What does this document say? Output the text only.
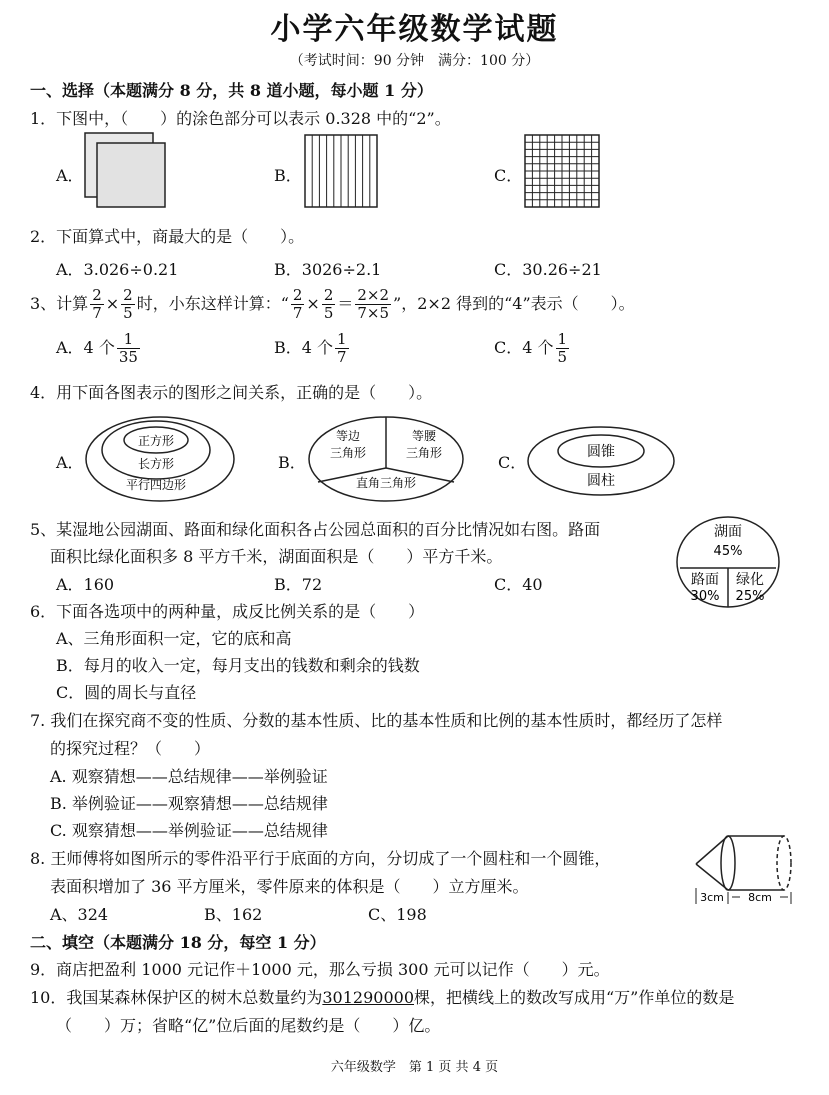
小学六年级数学试题
（考试时间：90 分钟　满分：100 分）
一、选择（本题满分 8 分，共 8 道小题，每小题 1 分）
1．下图中，（　　）的涂色部分可以表示 0.328 中的“2”。
A．	B．	C．
2．下面算式中，商最大的是（　　）。
A．3.026÷0.21	B．3026÷2.1	C．30.26÷21
3、计算 $\frac{2}{7} \times \frac{2}{5}$ 时，小东这样计算：“ $\frac{2}{7} \times \frac{2}{5} = \frac{2\times 2}{7\times 5}$ ”，2×2 得到的“4”表示（　　）。
A．4 个 $\frac{1}{35}$	B．4 个 $\frac{1}{7}$	C．4 个 $\frac{1}{5}$
4．用下面各图表示的图形之间关系，正确的是（　　）。
A．	B．	C．
正方形
长方形
平行四边形
等边
三角形
等腰
三角形
直角三角形
圆锥
圆柱
5、某湿地公园湖面、路面和绿化面积各占公园总面积的百分比情况如右图。路面
面积比绿化面积多 8 平方千米，湖面面积是（　　）平方千米。
A．160	B．72	C．40
湖面
45%
路面
30%
绿化
25%
6．下面各选项中的两种量，成反比例关系的是（　　）
A、三角形面积一定，它的底和高
B．每月的收入一定，每月支出的钱数和剩余的钱数
C．圆的周长与直径
7. 我们在探究商不变的性质、分数的基本性质、比的基本性质和比例的基本性质时，都经历了怎样
的探究过程？（　　）
A. 观察猜想——总结规律——举例验证
B. 举例验证——观察猜想——总结规律
C. 观察猜想——举例验证——总结规律
8. 王师傅将如图所示的零件沿平行于底面的方向，分切成了一个圆柱和一个圆锥，
表面积增加了 36 平方厘米，零件原来的体积是（　　）立方厘米。
A、324	B、162	C、198
3cm 8cm
二、填空（本题满分 18 分，每空 1 分）
9．商店把盈利 1000 元记作＋1000 元，那么亏损 300 元可以记作（　　）元。
10．我国某森林保护区的树木总数量约为301290000棵，把横线上的数改写成用“万”作单位的数是
（　　）万；省略“亿”位后面的尾数约是（　　）亿。
六年级数学　第 1 页 共 4 页
